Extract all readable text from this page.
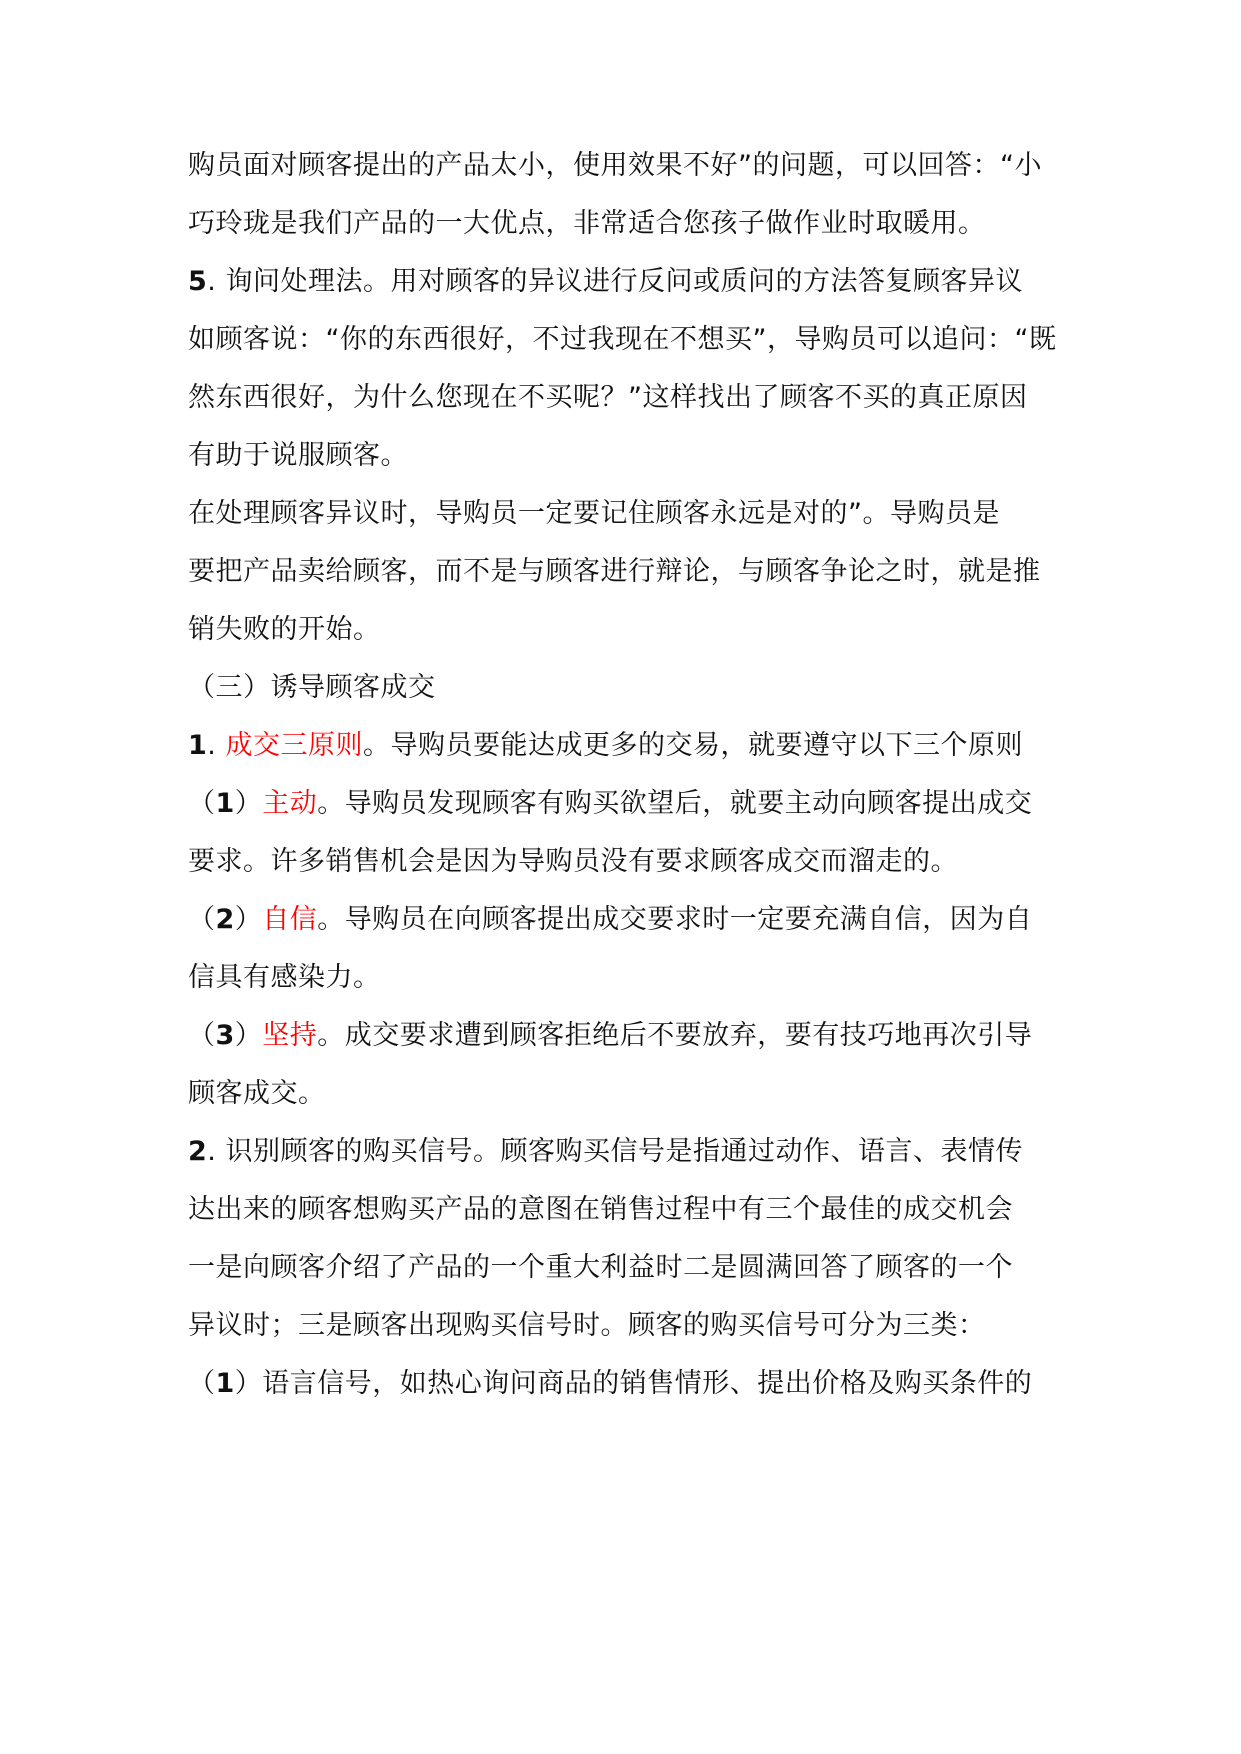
购员面对顾客提出的产品太小，使用效果不好”的问题，可以回答：“小
巧玲珑是我们产品的一大优点，非常适合您孩子做作业时取暖用。
5. 询问处理法。用对顾客的异议进行反问或质问的方法答复顾客异议
如顾客说：“你的东西很好，不过我现在不想买”，导购员可以追问：“既
然东西很好，为什么您现在不买呢？”这样找出了顾客不买的真正原因
有助于说服顾客。
在处理顾客异议时，导购员一定要记住顾客永远是对的”。导购员是
要把产品卖给顾客，而不是与顾客进行辩论，与顾客争论之时，就是推
销失败的开始。
（三）诱导顾客成交
1. 成交三原则。导购员要能达成更多的交易，就要遵守以下三个原则
（1）主动。导购员发现顾客有购买欲望后，就要主动向顾客提出成交
要求。许多销售机会是因为导购员没有要求顾客成交而溜走的。
（2）自信。导购员在向顾客提出成交要求时一定要充满自信，因为自
信具有感染力。
（3）坚持。成交要求遭到顾客拒绝后不要放弃，要有技巧地再次引导
顾客成交。
2. 识别顾客的购买信号。顾客购买信号是指通过动作、语言、表情传
达出来的顾客想购买产品的意图在销售过程中有三个最佳的成交机会
一是向顾客介绍了产品的一个重大利益时二是圆满回答了顾客的一个
异议时；三是顾客出现购买信号时。顾客的购买信号可分为三类：
（1）语言信号，如热心询问商品的销售情形、提出价格及购买条件的
